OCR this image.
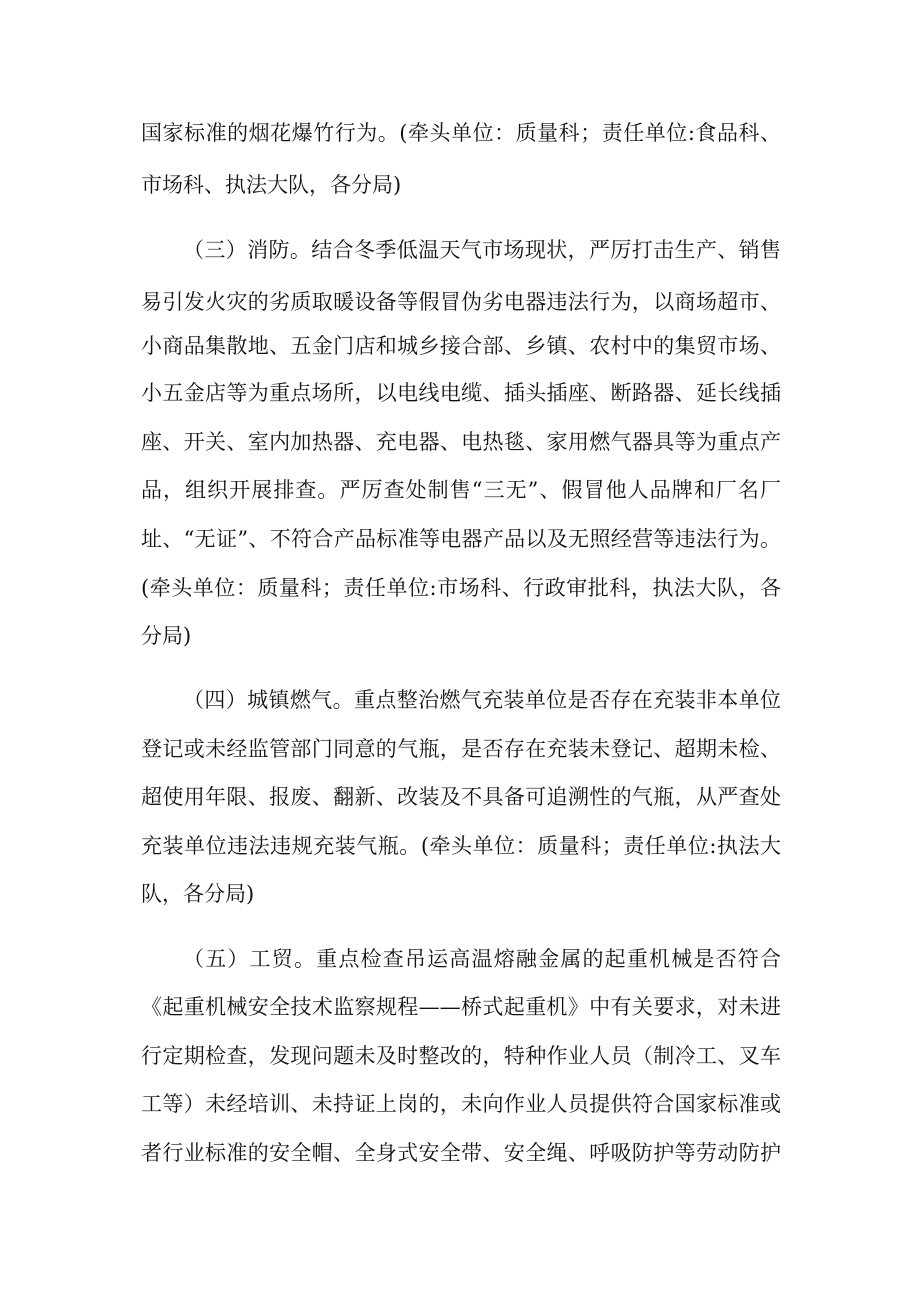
国家标准的烟花爆竹行为。(牵头单位：质量科；责任单位:食品科、
市场科、执法大队，各分局)
（三）消防。结合冬季低温天气市场现状，严厉打击生产、销售
易引发火灾的劣质取暖设备等假冒伪劣电器违法行为，以商场超市、
小商品集散地、五金门店和城乡接合部、乡镇、农村中的集贸市场、
小五金店等为重点场所，以电线电缆、插头插座、断路器、延长线插
座、开关、室内加热器、充电器、电热毯、家用燃气器具等为重点产
品，组织开展排查。严厉查处制售“三无”、假冒他人品牌和厂名厂
址、“无证”、不符合产品标准等电器产品以及无照经营等违法行为。
(牵头单位：质量科；责任单位:市场科、行政审批科，执法大队，各
分局)
（四）城镇燃气。重点整治燃气充装单位是否存在充装非本单位
登记或未经监管部门同意的气瓶，是否存在充装未登记、超期未检、
超使用年限、报废、翻新、改装及不具备可追溯性的气瓶，从严查处
充装单位违法违规充装气瓶。(牵头单位：质量科；责任单位:执法大
队，各分局)
（五）工贸。重点检查吊运高温熔融金属的起重机械是否符合
《起重机械安全技术监察规程——桥式起重机》中有关要求，对未进
行定期检查，发现问题未及时整改的，特种作业人员（制冷工、叉车
工等）未经培训、未持证上岗的，未向作业人员提供符合国家标准或
者行业标准的安全帽、全身式安全带、安全绳、呼吸防护等劳动防护
